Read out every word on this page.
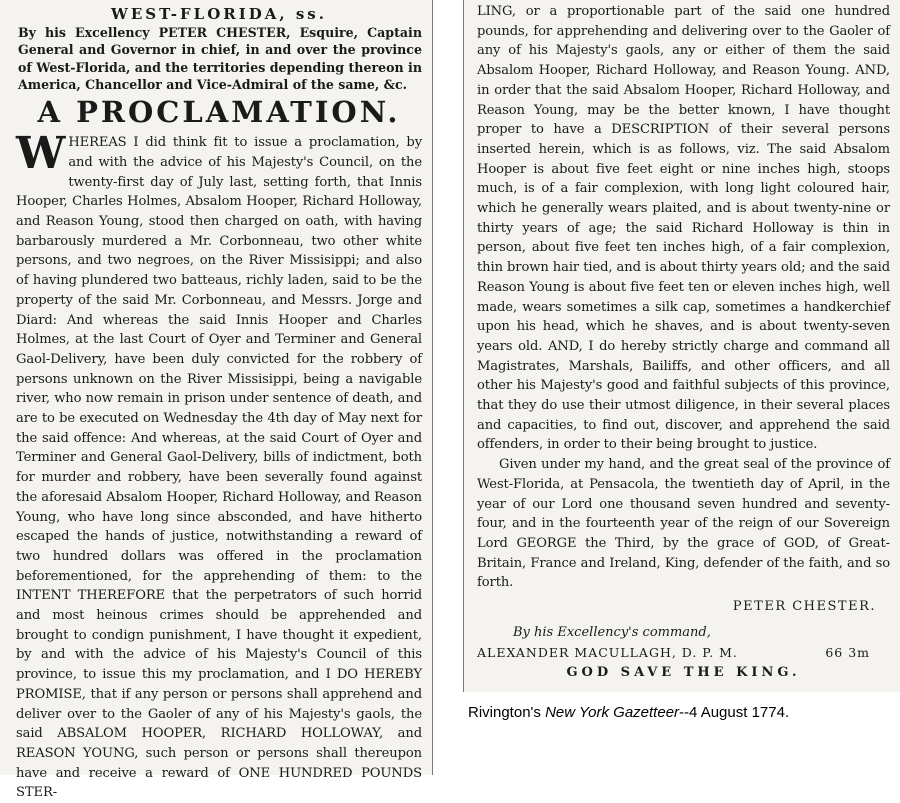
WEST-FLORIDA, ss.

By his Excellency PETER CHESTER, Esquire, Captain General and Governor in chief, in and over the province of West-Florida, and the territories depending thereon in America, Chancellor and Vice-Admiral of the same, &c.

A PROCLAMATION.

WHEREAS I did think fit to issue a proclamation, by and with the advice of his Majesty's Council, on the twenty-first day of July last, setting forth, that Innis Hooper, Charles Holmes, Absalom Hooper, Richard Holloway, and Reason Young, stood then charged on oath, with having barbarously murdered a Mr. Corbonneau, two other white persons, and two negroes, on the River Missisippi; and also of having plundered two batteaus, richly laden, said to be the property of the said Mr. Corbonneau, and Messrs. Jorge and Diard: And whereas the said Innis Hooper and Charles Holmes, at the last Court of Oyer and Terminer and General Gaol-Delivery, have been duly convicted for the robbery of persons unknown on the River Missisippi, being a navigable river, who now remain in prison under sentence of death, and are to be executed on Wednesday the 4th day of May next for the said offence: And whereas, at the said Court of Oyer and Terminer and General Gaol-Delivery, bills of indictment, both for murder and robbery, have been severally found against the aforesaid Absalom Hooper, Richard Holloway, and Reason Young, who have long since absconded, and have hitherto escaped the hands of justice, notwithstanding a reward of two hundred dollars was offered in the proclamation beforementioned, for the apprehending of them: to the INTENT THEREFORE that the perpetrators of such horrid and most heinous crimes should be apprehended and brought to condign punishment, I have thought it expedient, by and with the advice of his Majesty's Council of this province, to issue this my proclamation, and I DO HEREBY PROMISE, that if any person or persons shall apprehend and deliver over to the Gaoler of any of his Majesty's gaols, the said ABSALOM HOOPER, RICHARD HOLLOWAY, and REASON YOUNG, such person or persons shall thereupon have and receive a reward of ONE HUNDRED POUNDS STER-

LING, or a proportionable part of the said one hundred pounds, for apprehending and delivering over to the Gaoler of any of his Majesty's gaols, any or either of them the said Absalom Hooper, Richard Holloway, and Reason Young. AND, in order that the said Absalom Hooper, Richard Holloway, and Reason Young, may be the better known, I have thought proper to have a DESCRIPTION of their several persons inserted herein, which is as follows, viz. The said Absalom Hooper is about five feet eight or nine inches high, stoops much, is of a fair complexion, with long light coloured hair, which he generally wears plaited, and is about twenty-nine or thirty years of age; the said Richard Holloway is thin in person, about five feet ten inches high, of a fair complexion, thin brown hair tied, and is about thirty years old; and the said Reason Young is about five feet ten or eleven inches high, well made, wears sometimes a silk cap, sometimes a handkerchief upon his head, which he shaves, and is about twenty-seven years old. AND, I do hereby strictly charge and command all Magistrates, Marshals, Bailiffs, and other officers, and all other his Majesty's good and faithful subjects of this province, that they do use their utmost diligence, in their several places and capacities, to find out, discover, and apprehend the said offenders, in order to their being brought to justice.

Given under my hand, and the great seal of the province of West-Florida, at Pensacola, the twentieth day of April, in the year of our Lord one thousand seven hundred and seventy-four, and in the fourteenth year of the reign of our Sovereign Lord GEORGE the Third, by the grace of GOD, of Great-Britain, France and Ireland, King, defender of the faith, and so forth.

PETER CHESTER.

By his Excellency's command,

ALEXANDER MACULLAGH, D. P. M.	66 3m

GOD SAVE THE KING.

Rivington's New York Gazetteer--4 August 1774.
